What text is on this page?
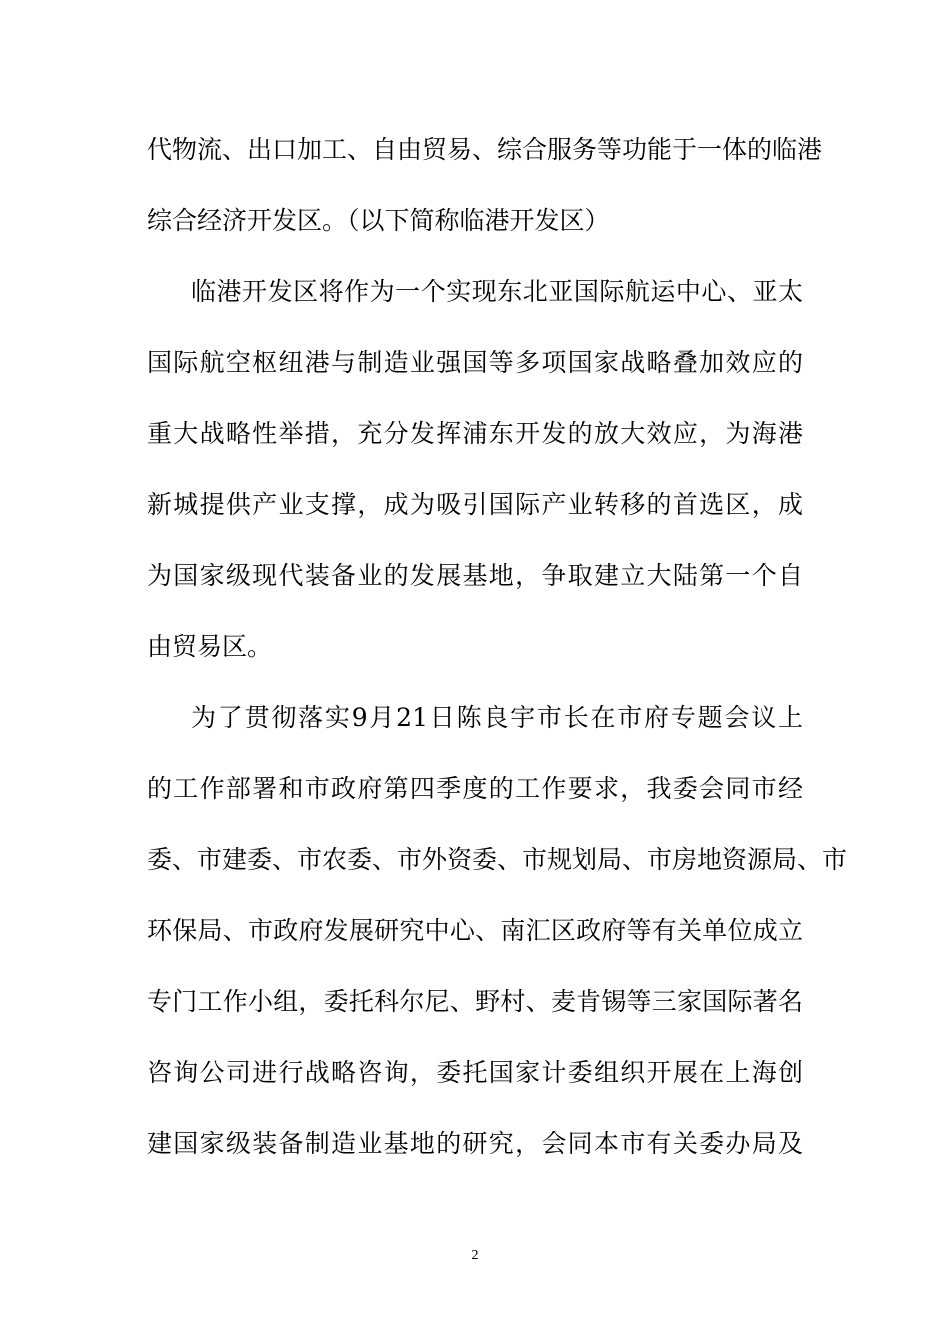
代物流、出口加工、自由贸易、综合服务等功能于一体的临港
综合经济开发区。（以下简称临港开发区）
临港开发区将作为一个实现东北亚国际航运中心、亚太
国际航空枢纽港与制造业强国等多项国家战略叠加效应的
重大战略性举措，充分发挥浦东开发的放大效应，为海港
新城提供产业支撑，成为吸引国际产业转移的首选区，成
为国家级现代装备业的发展基地，争取建立大陆第一个自
由贸易区。
为了贯彻落实9月21日陈良宇市长在市府专题会议上
的工作部署和市政府第四季度的工作要求，我委会同市经
委、市建委、市农委、市外资委、市规划局、市房地资源局、市
环保局、市政府发展研究中心、南汇区政府等有关单位成立
专门工作小组，委托科尔尼、野村、麦肯锡等三家国际著名
咨询公司进行战略咨询，委托国家计委组织开展在上海创
建国家级装备制造业基地的研究，会同本市有关委办局及
2
